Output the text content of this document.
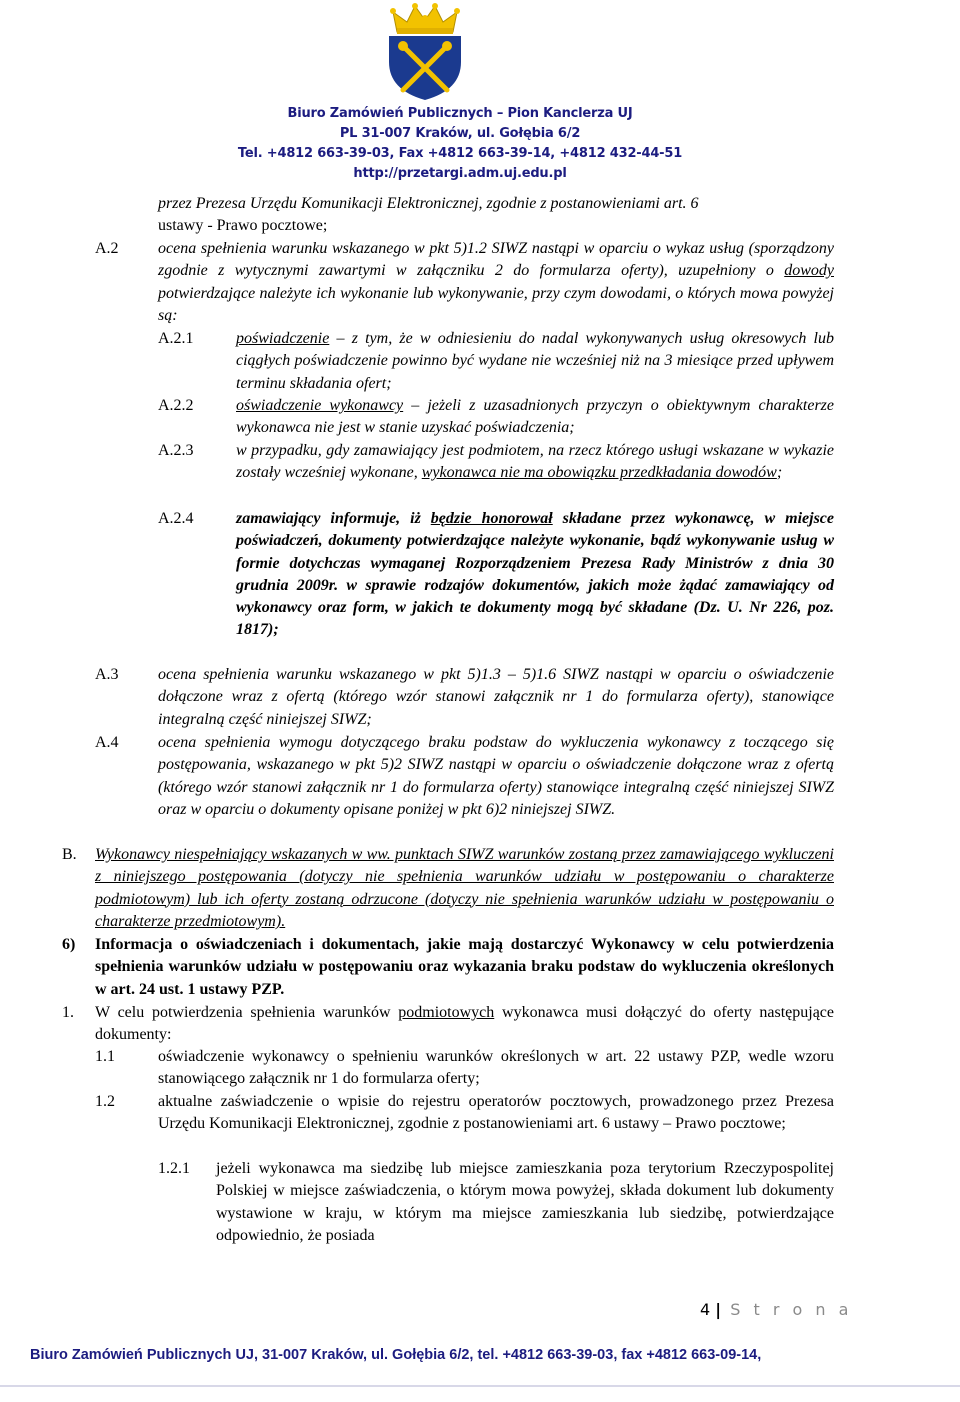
Biuro Zamówień Publicznych – Pion Kanclerza UJ
PL 31-007 Kraków, ul. Gołębia 6/2
Tel. +4812 663-39-03, Fax +4812 663-39-14, +4812 432-44-51
http://przetargi.adm.uj.edu.pl
przez Prezesa Urzędu Komunikacji Elektronicznej, zgodnie z postanowieniami art. 6
ustawy - Prawo pocztowe;
A.2 ocena spełnienia warunku wskazanego w pkt 5)1.2 SIWZ nastąpi w oparciu o wykaz usług (sporządzony zgodnie z wytycznymi zawartymi w załączniku 2 do formularza oferty), uzupełniony o dowody potwierdzające należyte ich wykonanie lub wykonywanie, przy czym dowodami, o których mowa powyżej są:
A.2.1	poświadczenie – z tym, że w odniesieniu do nadal wykonywanych usług okresowych lub ciągłych poświadczenie powinno być wydane nie wcześniej niż na 3 miesiące przed upływem terminu składania ofert;
A.2.2	oświadczenie wykonawcy – jeżeli z uzasadnionych przyczyn o obiektywnym charakterze wykonawca nie jest w stanie uzyskać poświadczenia;
A.2.3	w przypadku, gdy zamawiający jest podmiotem, na rzecz którego usługi wskazane w wykazie zostały wcześniej wykonane, wykonawca nie ma obowiązku przedkładania dowodów;
A.2.4	zamawiający informuje, iż będzie honorował składane przez wykonawcę, w miejsce poświadczeń, dokumenty potwierdzające należyte wykonanie, bądź wykonywanie usług w formie dotychczas wymaganej Rozporządzeniem Prezesa Rady Ministrów z dnia 30 grudnia 2009r. w sprawie rodzajów dokumentów, jakich może żądać zamawiający od wykonawcy oraz form, w jakich te dokumenty mogą być składane (Dz. U. Nr 226, poz. 1817);
A.3 ocena spełnienia warunku wskazanego w pkt 5)1.3 – 5)1.6 SIWZ nastąpi w oparciu o oświadczenie dołączone wraz z ofertą (którego wzór stanowi załącznik nr 1 do formularza oferty), stanowiące integralną część niniejszej SIWZ;
A.4 ocena spełnienia wymogu dotyczącego braku podstaw do wykluczenia wykonawcy z toczącego się postępowania, wskazanego w pkt 5)2 SIWZ nastąpi w oparciu o oświadczenie dołączone wraz z ofertą (którego wzór stanowi załącznik nr 1 do formularza oferty) stanowiące integralną część niniejszej SIWZ oraz w oparciu o dokumenty opisane poniżej w pkt 6)2 niniejszej SIWZ.
B. Wykonawcy niespełniający wskazanych w ww. punktach SIWZ warunków zostaną przez zamawiającego wykluczeni z niniejszego postępowania (dotyczy nie spełnienia warunków udziału w postępowaniu o charakterze podmiotowym) lub ich oferty zostaną odrzucone (dotyczy nie spełnienia warunków udziału w postępowaniu o charakterze przedmiotowym).
6) Informacja o oświadczeniach i dokumentach, jakie mają dostarczyć Wykonawcy w celu potwierdzenia spełnienia warunków udziału w postępowaniu oraz wykazania braku podstaw do wykluczenia określonych w art. 24 ust. 1 ustawy PZP.
1. W celu potwierdzenia spełnienia warunków podmiotowych wykonawca musi dołączyć do oferty następujące dokumenty:
1.1	oświadczenie wykonawcy o spełnieniu warunków określonych w art. 22 ustawy PZP, wedle wzoru stanowiącego załącznik nr 1 do formularza oferty;
1.2	aktualne zaświadczenie o wpisie do rejestru operatorów pocztowych, prowadzonego przez Prezesa Urzędu Komunikacji Elektronicznej, zgodnie z postanowieniami art. 6 ustawy – Prawo pocztowe;
1.2.1 jeżeli wykonawca ma siedzibę lub miejsce zamieszkania poza terytorium Rzeczypospolitej Polskiej w miejsce zaświadczenia, o którym mowa powyżej, składa dokument lub dokumenty wystawione w kraju, w którym ma miejsce zamieszkania lub siedzibę, potwierdzające odpowiednio, że posiada
4 | S t r o n a
Biuro Zamówień Publicznych UJ, 31-007 Kraków, ul. Gołębia 6/2, tel. +4812 663-39-03, fax +4812 663-09-14,
